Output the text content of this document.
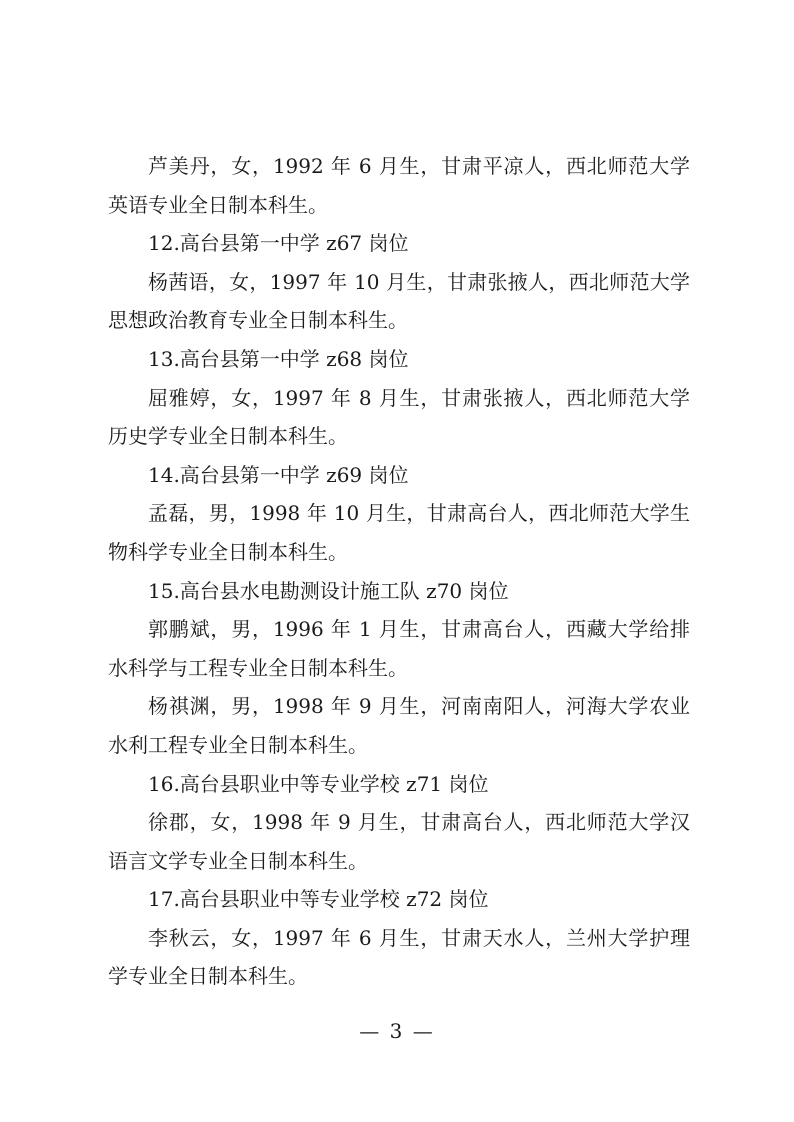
芦美丹，女，1992 年 6 月生，甘肃平凉人，西北师范大学
英语专业全日制本科生。
12.高台县第一中学 z67 岗位
杨茜语，女，1997 年 10 月生，甘肃张掖人，西北师范大学
思想政治教育专业全日制本科生。
13.高台县第一中学 z68 岗位
屈雅婷，女，1997 年 8 月生，甘肃张掖人，西北师范大学
历史学专业全日制本科生。
14.高台县第一中学 z69 岗位
孟磊，男，1998 年 10 月生，甘肃高台人，西北师范大学生
物科学专业全日制本科生。
15.高台县水电勘测设计施工队 z70 岗位
郭鹏斌，男，1996 年 1 月生，甘肃高台人，西藏大学给排
水科学与工程专业全日制本科生。
杨祺渊，男，1998 年 9 月生，河南南阳人，河海大学农业
水利工程专业全日制本科生。
16.高台县职业中等专业学校 z71 岗位
徐郡，女，1998 年 9 月生，甘肃高台人，西北师范大学汉
语言文学专业全日制本科生。
17.高台县职业中等专业学校 z72 岗位
李秋云，女，1997 年 6 月生，甘肃天水人，兰州大学护理
学专业全日制本科生。
— 3 —
